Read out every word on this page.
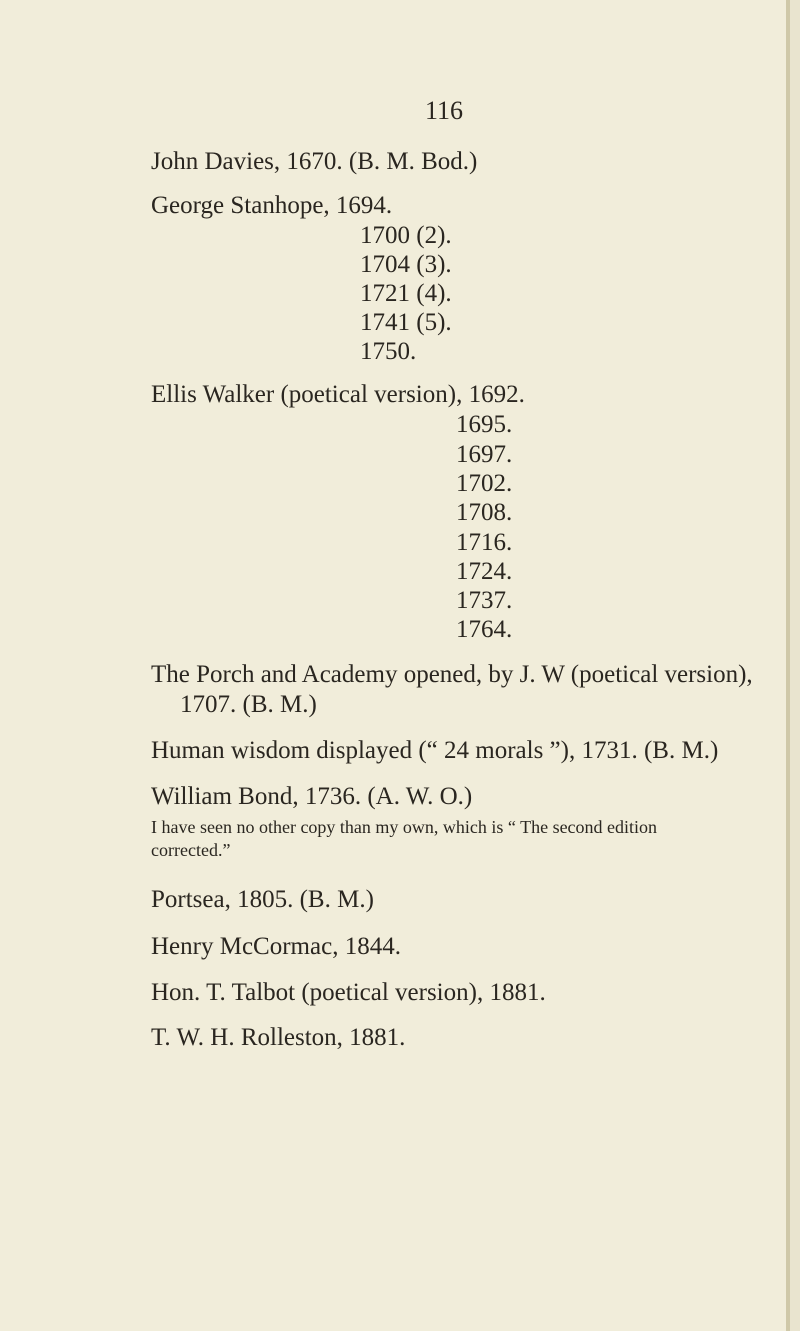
116
John Davies, 1670. (B. M. Bod.)
George Stanhope, 1694.
1700 (2).
1704 (3).
1721 (4).
1741 (5).
1750.
Ellis Walker (poetical version), 1692.
1695.
1697.
1702.
1708.
1716.
1724.
1737.
1764.
The Porch and Academy opened, by J. W (poetical version),
1707. (B. M.)
Human wisdom displayed (“ 24 morals ”), 1731. (B. M.)
William Bond, 1736. (A. W. O.)
I have seen no other copy than my own, which is “ The second edition
corrected.”
Portsea, 1805. (B. M.)
Henry McCormac, 1844.
Hon. T. Talbot (poetical version), 1881.
T. W. H. Rolleston, 1881.
